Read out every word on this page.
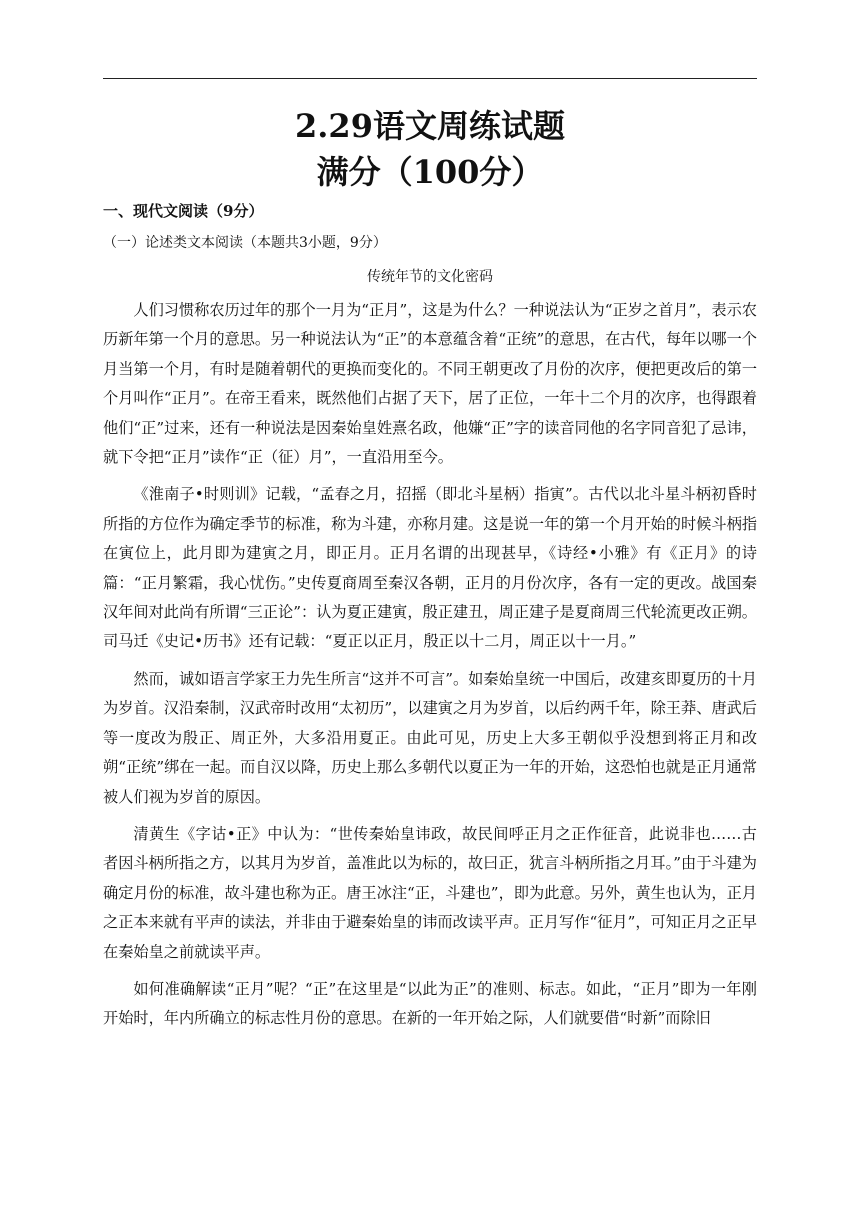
2.29语文周练试题
满分（100分）
一、现代文阅读（9分）
（一）论述类文本阅读（本题共3小题，9分）
传统年节的文化密码

人们习惯称农历过年的那个一月为“正月”，这是为什么？一种说法认为“正岁之首月”，表示农历新年第一个月的意思。另一种说法认为“正”的本意蕴含着“正统”的意思，在古代，每年以哪一个月当第一个月，有时是随着朝代的更换而变化的。不同王朝更改了月份的次序，便把更改后的第一个月叫作“正月”。在帝王看来，既然他们占据了天下，居了正位，一年十二个月的次序，也得跟着他们“正”过来，还有一种说法是因秦始皇姓熹名政，他嫌“正”字的读音同他的名字同音犯了忌讳，就下令把“正月”读作“正（征）月”，一直沿用至今。

《淮南子•时则训》记载，“孟春之月，招摇（即北斗星柄）指寅”。古代以北斗星斗柄初昏时所指的方位作为确定季节的标准，称为斗建，亦称月建。这是说一年的第一个月开始的时候斗柄指在寅位上，此月即为建寅之月，即正月。正月名谓的出现甚早，《诗经•小雅》有《正月》的诗篇：“正月繁霜，我心忧伤。”史传夏商周至秦汉各朝，正月的月份次序，各有一定的更改。战国秦汉年间对此尚有所谓“三正论”：认为夏正建寅，殷正建丑，周正建子是夏商周三代轮流更改正朔。司马迁《史记•历书》还有记载：“夏正以正月，殷正以十二月，周正以十一月。”

然而，诚如语言学家王力先生所言“这并不可言”。如秦始皇统一中国后，改建亥即夏历的十月为岁首。汉沿秦制，汉武帝时改用“太初历”，以建寅之月为岁首，以后约两千年，除王莽、唐武后等一度改为殷正、周正外，大多沿用夏正。由此可见，历史上大多王朝似乎没想到将正月和改朔“正统”绑在一起。而自汉以降，历史上那么多朝代以夏正为一年的开始，这恐怕也就是正月通常被人们视为岁首的原因。

清黄生《字诂•正》中认为：“世传秦始皇讳政，故民间呼正月之正作征音，此说非也……古者因斗柄所指之方，以其月为岁首，盖准此以为标的，故曰正，犹言斗柄所指之月耳。”由于斗建为确定月份的标准，故斗建也称为正。唐王冰注“正，斗建也”，即为此意。另外，黄生也认为，正月之正本来就有平声的读法，并非由于避秦始皇的讳而改读平声。正月写作“征月”，可知正月之正早在秦始皇之前就读平声。

如何准确解读“正月”呢？“正”在这里是“以此为正”的准则、标志。如此，“正月”即为一年刚开始时，年内所确立的标志性月份的意思。在新的一年开始之际，人们就要借“时新”而除旧
